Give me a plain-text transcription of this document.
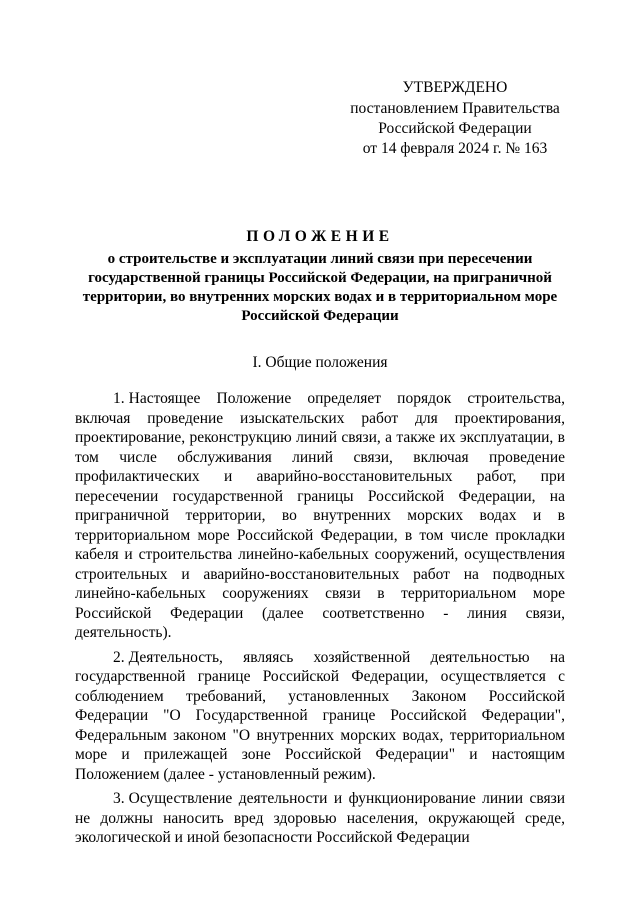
УТВЕРЖДЕНО
постановлением Правительства
Российской Федерации
от 14 февраля 2024 г. № 163
ПОЛОЖЕНИЕ
о строительстве и эксплуатации линий связи при пересечении государственной границы Российской Федерации, на приграничной территории, во внутренних морских водах и в территориальном море Российской Федерации
I. Общие положения

1. Настоящее Положение определяет порядок строительства, включая проведение изыскательских работ для проектирования, проектирование, реконструкцию линий связи, а также их эксплуатации, в том числе обслуживания линий связи, включая проведение профилактических и аварийно-восстановительных работ, при пересечении государственной границы Российской Федерации, на приграничной территории, во внутренних морских водах и в территориальном море Российской Федерации, в том числе прокладки кабеля и строительства линейно-кабельных сооружений, осуществления строительных и аварийно-восстановительных работ на подводных линейно-кабельных сооружениях связи в территориальном море Российской Федерации (далее соответственно - линия связи, деятельность).

2. Деятельность, являясь хозяйственной деятельностью на государственной границе Российской Федерации, осуществляется с соблюдением требований, установленных Законом Российской Федерации "О Государственной границе Российской Федерации", Федеральным законом "О внутренних морских водах, территориальном море и прилежащей зоне Российской Федерации" и настоящим Положением (далее - установленный режим).

3. Осуществление деятельности и функционирование линии связи не должны наносить вред здоровью населения, окружающей среде, экологической и иной безопасности Российской Федерации
